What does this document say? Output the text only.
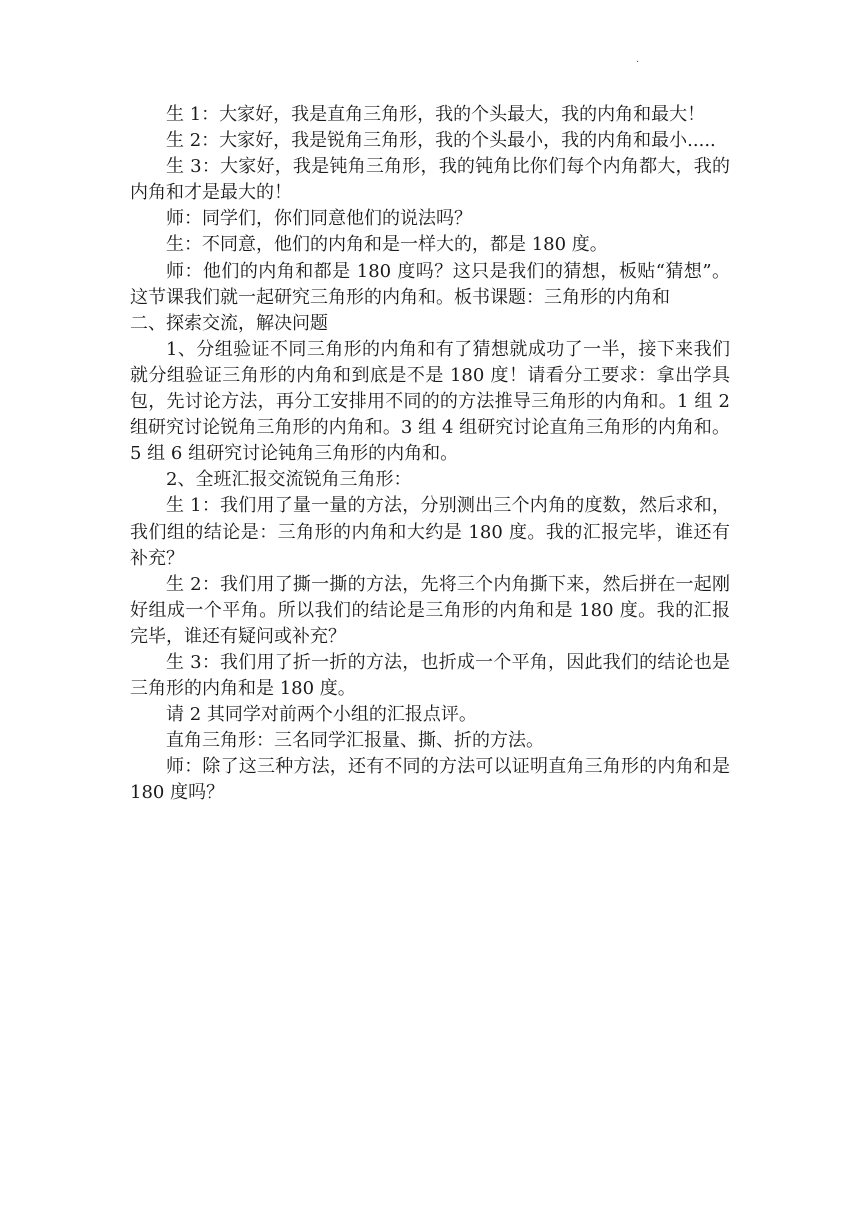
.

生 1：大家好，我是直角三角形，我的个头最大，我的内角和最大！

生 2：大家好，我是锐角三角形，我的个头最小，我的内角和最小.....

生 3：大家好，我是钝角三角形，我的钝角比你们每个内角都大，我的内角和才是最大的！

师：同学们，你们同意他们的说法吗？

生：不同意，他们的内角和是一样大的，都是 180 度。

师：他们的内角和都是 180 度吗？这只是我们的猜想，板贴“猜想”。这节课我们就一起研究三角形的内角和。板书课题：三角形的内角和

二、探索交流，解决问题

1、分组验证不同三角形的内角和有了猜想就成功了一半，接下来我们就分组验证三角形的内角和到底是不是 180 度！请看分工要求：拿出学具包，先讨论方法，再分工安排用不同的的方法推导三角形的内角和。1 组 2 组研究讨论锐角三角形的内角和。3 组 4 组研究讨论直角三角形的内角和。5 组 6 组研究讨论钝角三角形的内角和。

2、全班汇报交流锐角三角形：

生 1：我们用了量一量的方法，分别测出三个内角的度数，然后求和，我们组的结论是：三角形的内角和大约是 180 度。我的汇报完毕，谁还有补充？

生 2：我们用了撕一撕的方法，先将三个内角撕下来，然后拼在一起刚好组成一个平角。所以我们的结论是三角形的内角和是 180 度。我的汇报完毕，谁还有疑问或补充？

生 3：我们用了折一折的方法，也折成一个平角，因此我们的结论也是三角形的内角和是 180 度。

请 2 其同学对前两个小组的汇报点评。

直角三角形：三名同学汇报量、撕、折的方法。

师：除了这三种方法，还有不同的方法可以证明直角三角形的内角和是 180 度吗？
